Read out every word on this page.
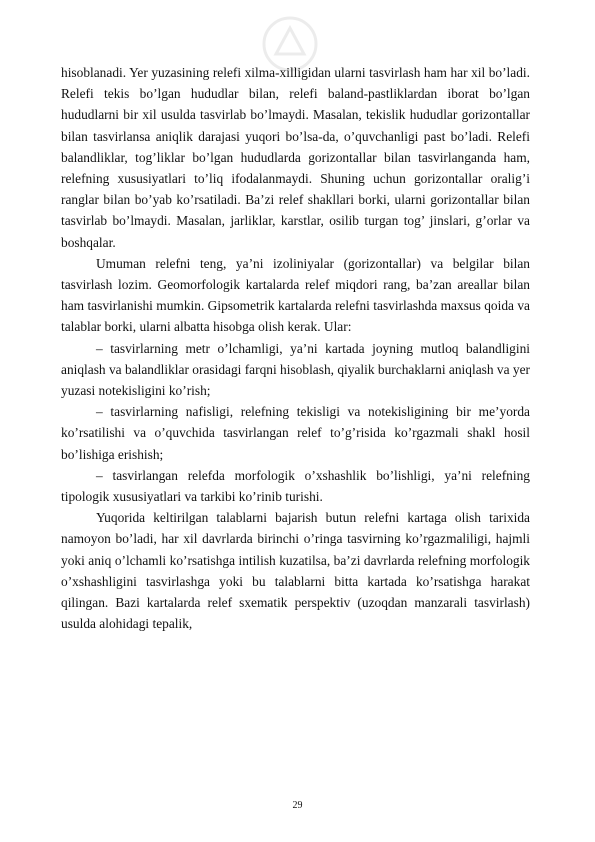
hisoblanadi. Yer yuzasining relefi xilma-xilligidan ularni tasvirlash ham har xil bo’ladi. Relefi tekis bo’lgan hududlar bilan, relefi baland-pastliklardan iborat bo’lgan hududlarni bir xil usulda tasvirlab bo’lmaydi. Masalan, tekislik hududlar gorizontallar bilan tasvirlansa aniqlik darajasi yuqori bo’lsa-da, o’quvchanligi past bo’ladi. Relefi balandliklar, tog’liklar bo’lgan hududlarda gorizontallar bilan tasvirlanganda ham, relefning xususiyatlari to’liq ifodalanmaydi. Shuning uchun gorizontallar oralig’i ranglar bilan bo’yab ko’rsatiladi. Ba’zi relef shakllari borki, ularni gorizontallar bilan tasvirlab bo’lmaydi. Masalan, jarliklar, karstlar, osilib turgan tog’ jinslari, g’orlar va boshqalar.

Umuman relefni teng, ya’ni izoliniyalar (gorizontallar) va belgilar bilan tasvirlash lozim. Geomorfologik kartalarda relef miqdori rang, ba’zan areallar bilan ham tasvirlanishi mumkin. Gipsometrik kartalarda relefni tasvirlashda maxsus qoida va talablar borki, ularni albatta hisobga olish kerak. Ular:

– tasvirlarning metr o’lchamligi, ya’ni kartada joyning mutloq balandligini aniqlash va balandliklar orasidagi farqni hisoblash, qiyalik burchaklarni aniqlash va yer yuzasi notekisligini ko’rish;

– tasvirlarning nafisligi, relefning tekisligi va notekisligining bir me’yorda ko’rsatilishi va o’quvchida tasvirlangan relef to’g’risida ko’rgazmali shakl hosil bo’lishiga erishish;

– tasvirlangan relefda morfologik o’xshashlik bo’lishligi, ya’ni relefning tipologik xususiyatlari va tarkibi ko’rinib turishi.

Yuqorida keltirilgan talablarni bajarish butun relefni kartaga olish tarixida namoyon bo’ladi, har xil davrlarda birinchi o’ringa tasvirning ko’rgazmaliligi, hajmli yoki aniq o’lchamli ko’rsatishga intilish kuzatilsa, ba’zi davrlarda relefning morfologik o’xshashligini tasvirlashga yoki bu talablarni bitta kartada ko’rsatishga harakat qilingan. Bazi kartalarda relef sxematik perspektiv (uzoqdan manzarali tasvirlash) usulda alohidagi tepalik,

29
